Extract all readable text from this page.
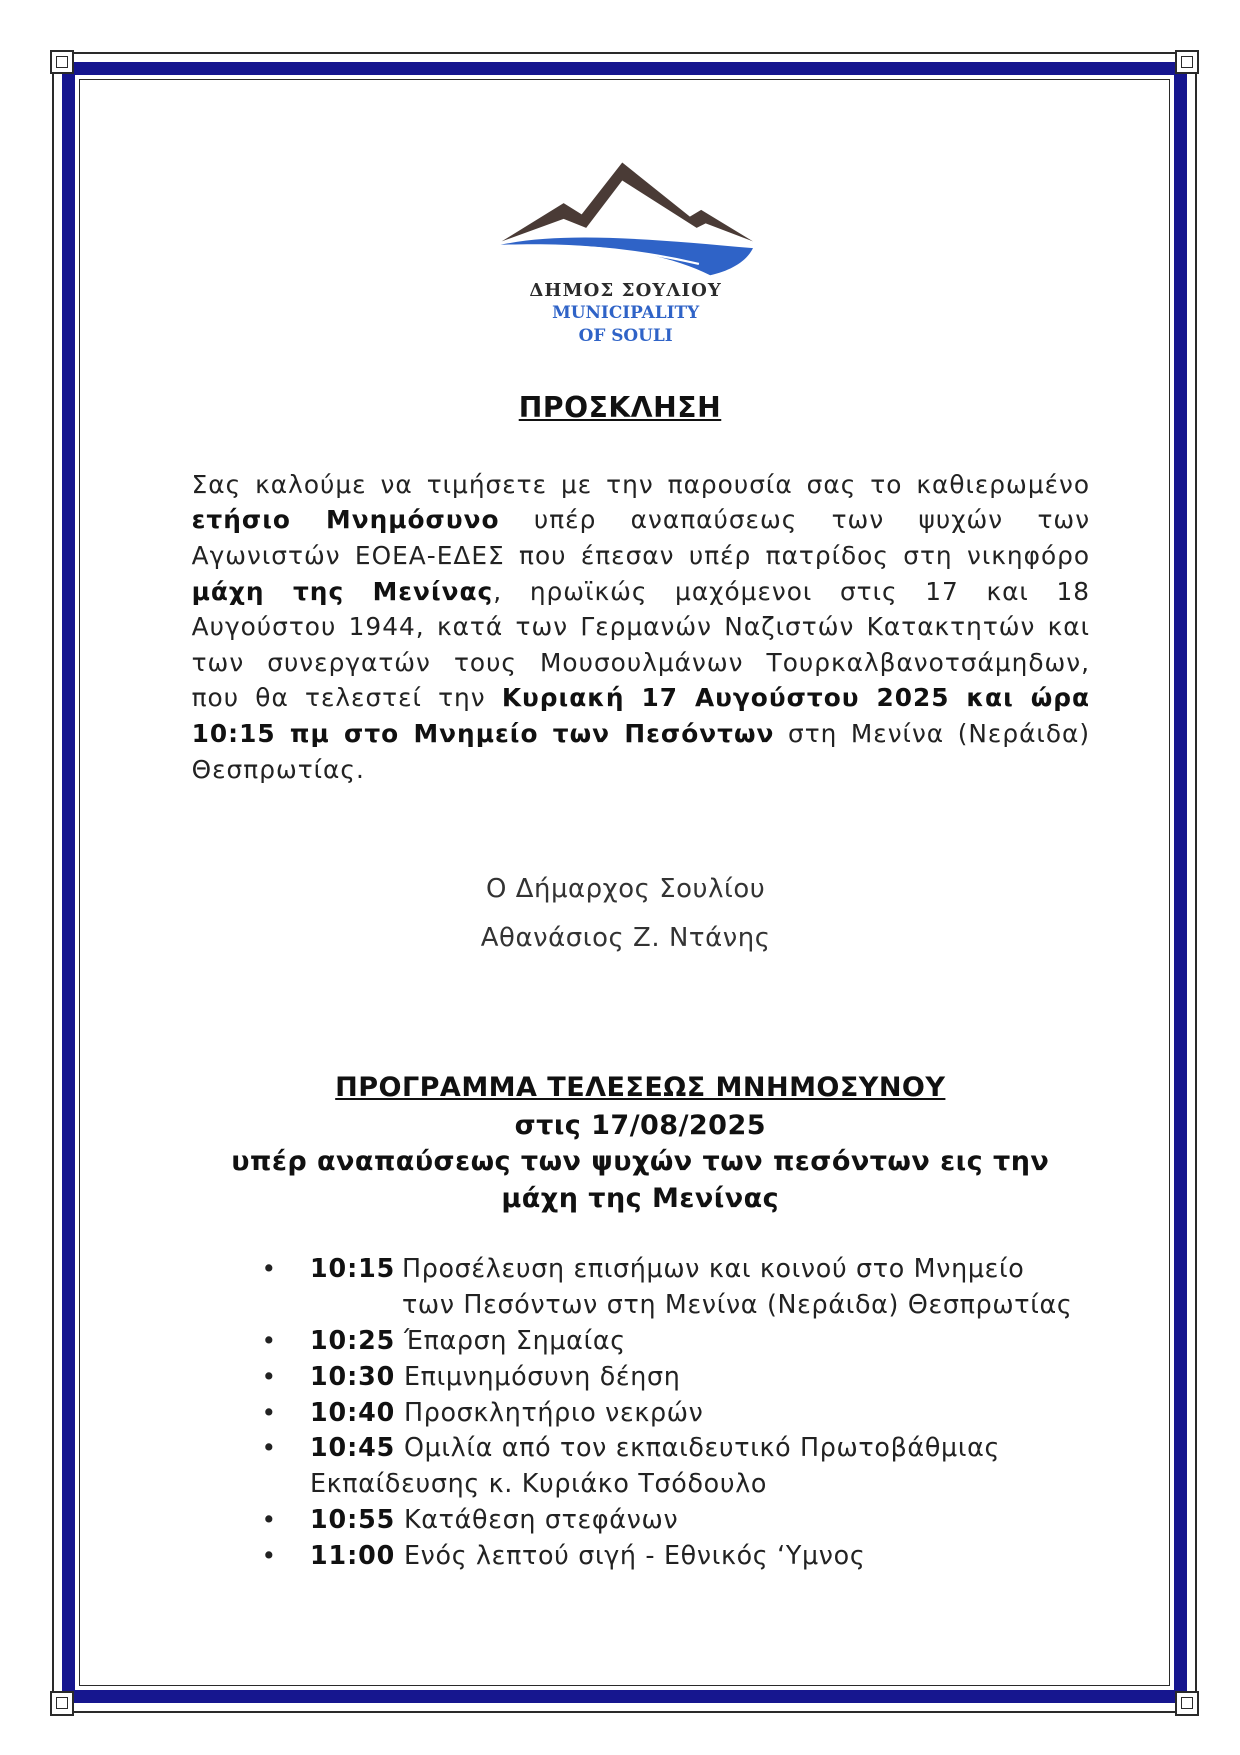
ΔΗΜΟΣ ΣΟΥΛΙΟΥ
MUNICIPALITY
OF SOULI
ΠΡΟΣΚΛΗΣΗ
Σας καλούμε να τιμήσετε με την παρουσία σας το καθιερωμένο ετήσιο Μνημόσυνο υπέρ αναπαύσεως των ψυχών των Αγωνιστών ΕΟΕΑ-ΕΔΕΣ που έπεσαν υπέρ πατρίδος στη νικηφόρο μάχη της Μενίνας, ηρωϊκώς μαχόμενοι στις 17 και 18 Αυγούστου 1944, κατά των Γερμανών Ναζιστών Κατακτητών και των συνεργατών τους Μουσουλμάνων Τουρκαλβανοτσάμηδων, που θα τελεστεί την Κυριακή 17 Αυγούστου 2025 και ώρα 10:15 πμ στο Μνημείο των Πεσόντων στη Μενίνα (Νεράιδα) Θεσπρωτίας.
Ο Δήμαρχος Σουλίου
Αθανάσιος Ζ. Ντάνης
ΠΡΟΓΡΑΜΜΑ ΤΕΛΕΣΕΩΣ ΜΝΗΜΟΣΥΝΟΥ
στις 17/08/2025
υπέρ αναπαύσεως των ψυχών των πεσόντων εις την
μάχη της Μενίνας
• 10:15 Προσέλευση επισήμων και κοινού στο Μνημείο των Πεσόντων στη Μενίνα (Νεράιδα) Θεσπρωτίας
• 10:25 Έπαρση Σημαίας
• 10:30 Επιμνημόσυνη δέηση
• 10:40 Προσκλητήριο νεκρών
• 10:45 Ομιλία από τον εκπαιδευτικό Πρωτοβάθμιας Εκπαίδευσης κ. Κυριάκο Τσόδουλο
• 10:55 Κατάθεση στεφάνων
• 11:00 Ενός λεπτού σιγή - Εθνικός ‘Υμνος
